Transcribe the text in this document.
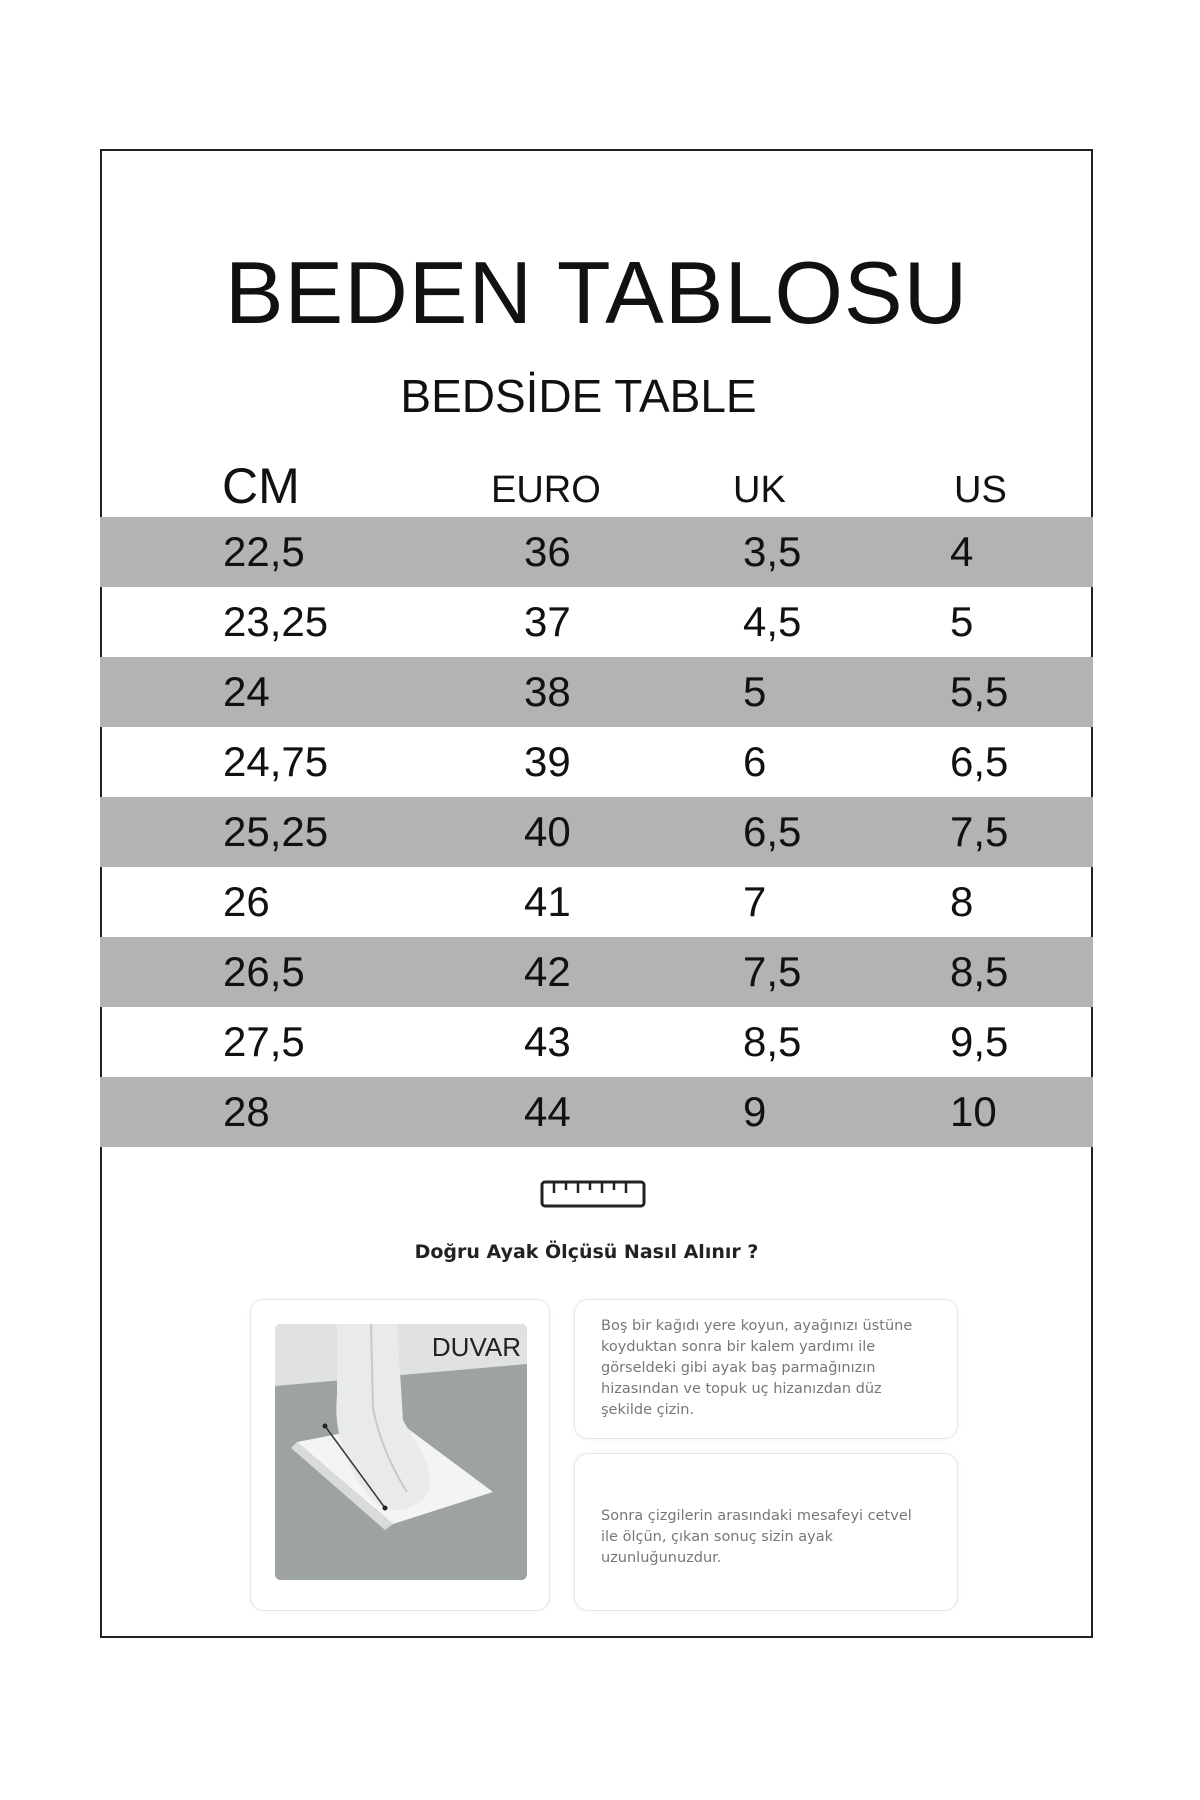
BEDEN TABLOSU
BEDSİDE TABLE
CM	EURO	UK	US
22,5	36	3,5	4
23,25	37	4,5	5
24	38	5	5,5
24,75	39	6	6,5
25,25	40	6,5	7,5
26	41	7	8
26,5	42	7,5	8,5
27,5	43	8,5	9,5
28	44	9	10
Doğru Ayak Ölçüsü Nasıl Alınır ?
DUVAR
Boş bir kağıdı yere koyun, ayağınızı üstüne koyduktan sonra bir kalem yardımı ile görseldeki gibi ayak baş parmağınızın hizasından ve topuk uç hizanızdan düz şekilde çizin.
Sonra çizgilerin arasındaki mesafeyi cetvel ile ölçün, çıkan sonuç sizin ayak uzunluğunuzdur.
